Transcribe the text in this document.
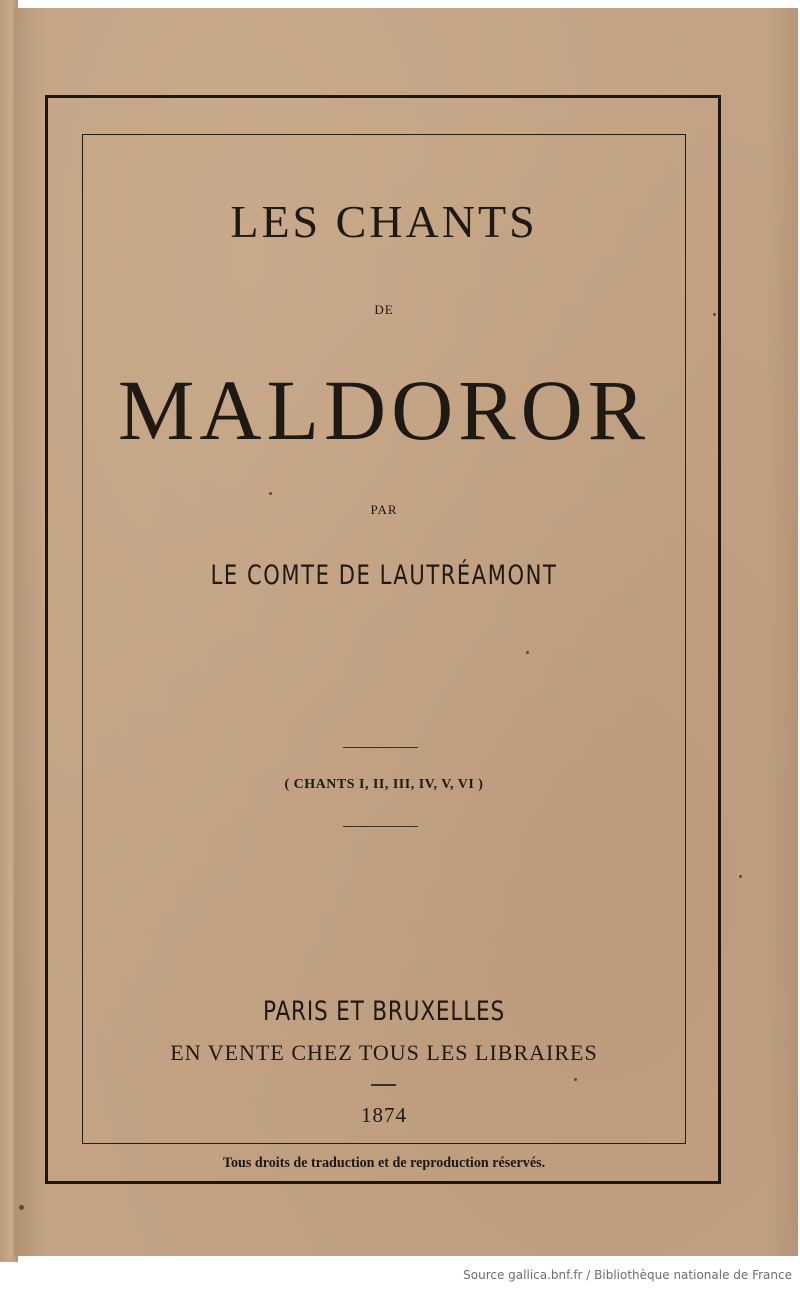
LES CHANTS
DE
MALDOROR
PAR
LE COMTE DE LAUTRÉAMONT
( CHANTS I, II, III, IV, V, VI )
PARIS ET BRUXELLES
EN VENTE CHEZ TOUS LES LIBRAIRES
1874
Tous droits de traduction et de reproduction réservés.
Source gallica.bnf.fr / Bibliothèque nationale de France
